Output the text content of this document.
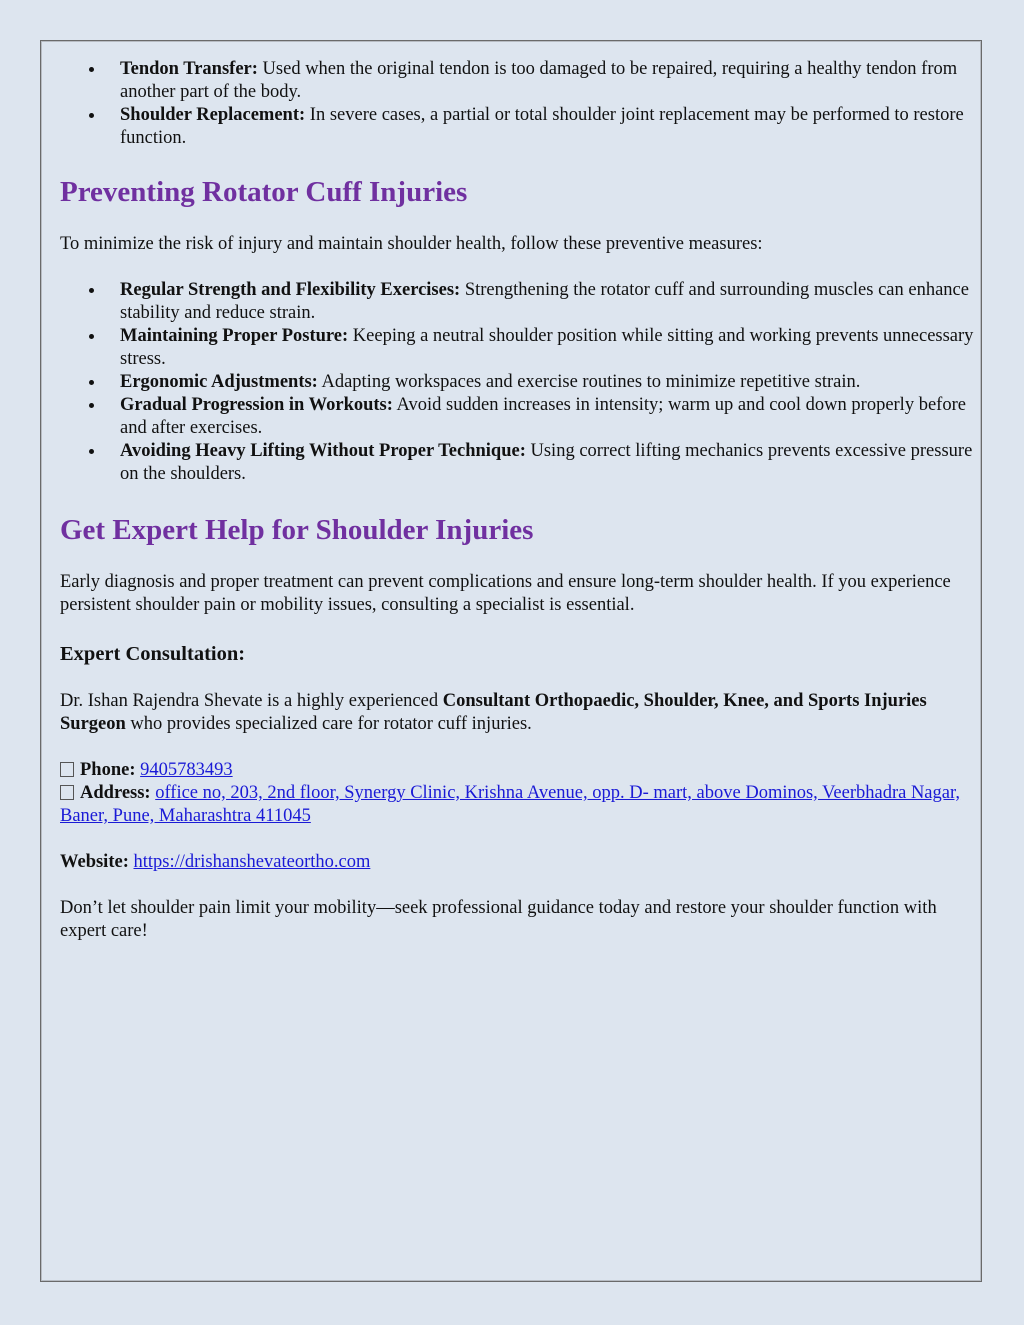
Tendon Transfer: Used when the original tendon is too damaged to be repaired, requiring a healthy tendon from another part of the body.
Shoulder Replacement: In severe cases, a partial or total shoulder joint replacement may be performed to restore function.
Preventing Rotator Cuff Injuries

To minimize the risk of injury and maintain shoulder health, follow these preventive measures:

Regular Strength and Flexibility Exercises: Strengthening the rotator cuff and surrounding muscles can enhance stability and reduce strain.
Maintaining Proper Posture: Keeping a neutral shoulder position while sitting and working prevents unnecessary stress.
Ergonomic Adjustments: Adapting workspaces and exercise routines to minimize repetitive strain.
Gradual Progression in Workouts: Avoid sudden increases in intensity; warm up and cool down properly before and after exercises.
Avoiding Heavy Lifting Without Proper Technique: Using correct lifting mechanics prevents excessive pressure on the shoulders.
Get Expert Help for Shoulder Injuries

Early diagnosis and proper treatment can prevent complications and ensure long-term shoulder health. If you experience persistent shoulder pain or mobility issues, consulting a specialist is essential.

Expert Consultation:

Dr. Ishan Rajendra Shevate is a highly experienced Consultant Orthopaedic, Shoulder, Knee, and Sports Injuries Surgeon who provides specialized care for rotator cuff injuries.

Phone: 9405783493
Address: office no, 203, 2nd floor, Synergy Clinic, Krishna Avenue, opp. D- mart, above Dominos, Veerbhadra Nagar, Baner, Pune, Maharashtra 411045

Website: https://drishanshevateortho.com

Don’t let shoulder pain limit your mobility—seek professional guidance today and restore your shoulder function with expert care!
